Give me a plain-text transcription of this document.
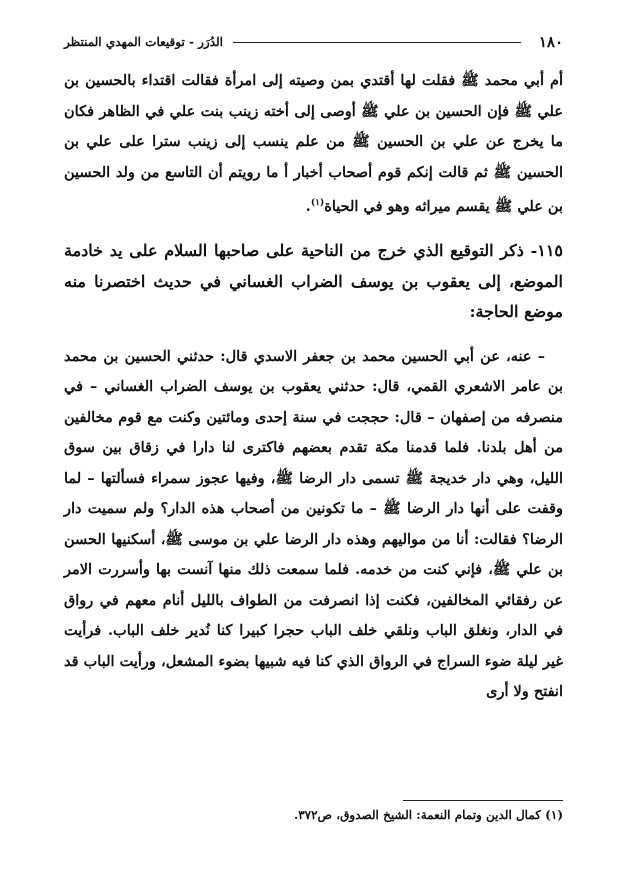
١٨٠
الدُرَر - توقيعات المهدي المنتظر

أم أبي محمد ﷺ فقلت لها أقتدي بمن وصيته إلى امرأة فقالت اقتداء بالحسين بن علي ﷺ فإن الحسين بن علي ﷺ أوصى إلى أخته زينب بنت علي في الظاهر فكان ما يخرج عن علي بن الحسين ﷺ من علم ينسب إلى زينب سترا على علي بن الحسين ﷺ ثم قالت إنكم قوم أصحاب أخبار أ ما رويتم أن التاسع من ولد الحسين بن علي ﷺ يقسم ميراثه وهو في الحياة$^{(١)}$.

١١٥- ذكر التوقيع الذي خرج من الناحية على صاحبها السلام على يد خادمة الموضع، إلى يعقوب بن يوسف الضراب الغساني في حديث اختصرنا منه موضع الحاجة:

– عنه، عن أبي الحسين محمد بن جعفر الاسدي قال: حدثني الحسين بن محمد بن عامر الاشعري القمي، قال: حدثني يعقوب بن يوسف الضراب الغساني – في منصرفه من إصفهان – قال: حججت في سنة إحدى ومائتين وكنت مع قوم مخالفين من أهل بلدنا. فلما قدمنا مكة تقدم بعضهم فاكترى لنا دارا في زقاق بين سوق الليل، وهي دار خديجة ﷺ تسمى دار الرضا ﷺ، وفيها عجوز سمراء فسألتها – لما وقفت على أنها دار الرضا ﷺ – ما تكونين من أصحاب هذه الدار؟ ولم سميت دار الرضا؟ فقالت: أنا من مواليهم وهذه دار الرضا علي بن موسى ﷺ، أسكنيها الحسن بن علي ﷺ، فإني كنت من خدمه. فلما سمعت ذلك منها آنست بها وأسررت الامر عن رفقائي المخالفين، فكنت إذا انصرفت من الطواف بالليل أنام معهم في رواق في الدار، ونغلق الباب ونلقي خلف الباب حجرا كبيرا كنا نُدير خلف الباب. فرأيت غير ليلة ضوء السراج في الرواق الذي كنا فيه شبيها بضوء المشعل، ورأيت الباب قد انفتح ولا أرى

(١) كمال الدين وتمام النعمة: الشيخ الصدوق، ص٣٧٢.
